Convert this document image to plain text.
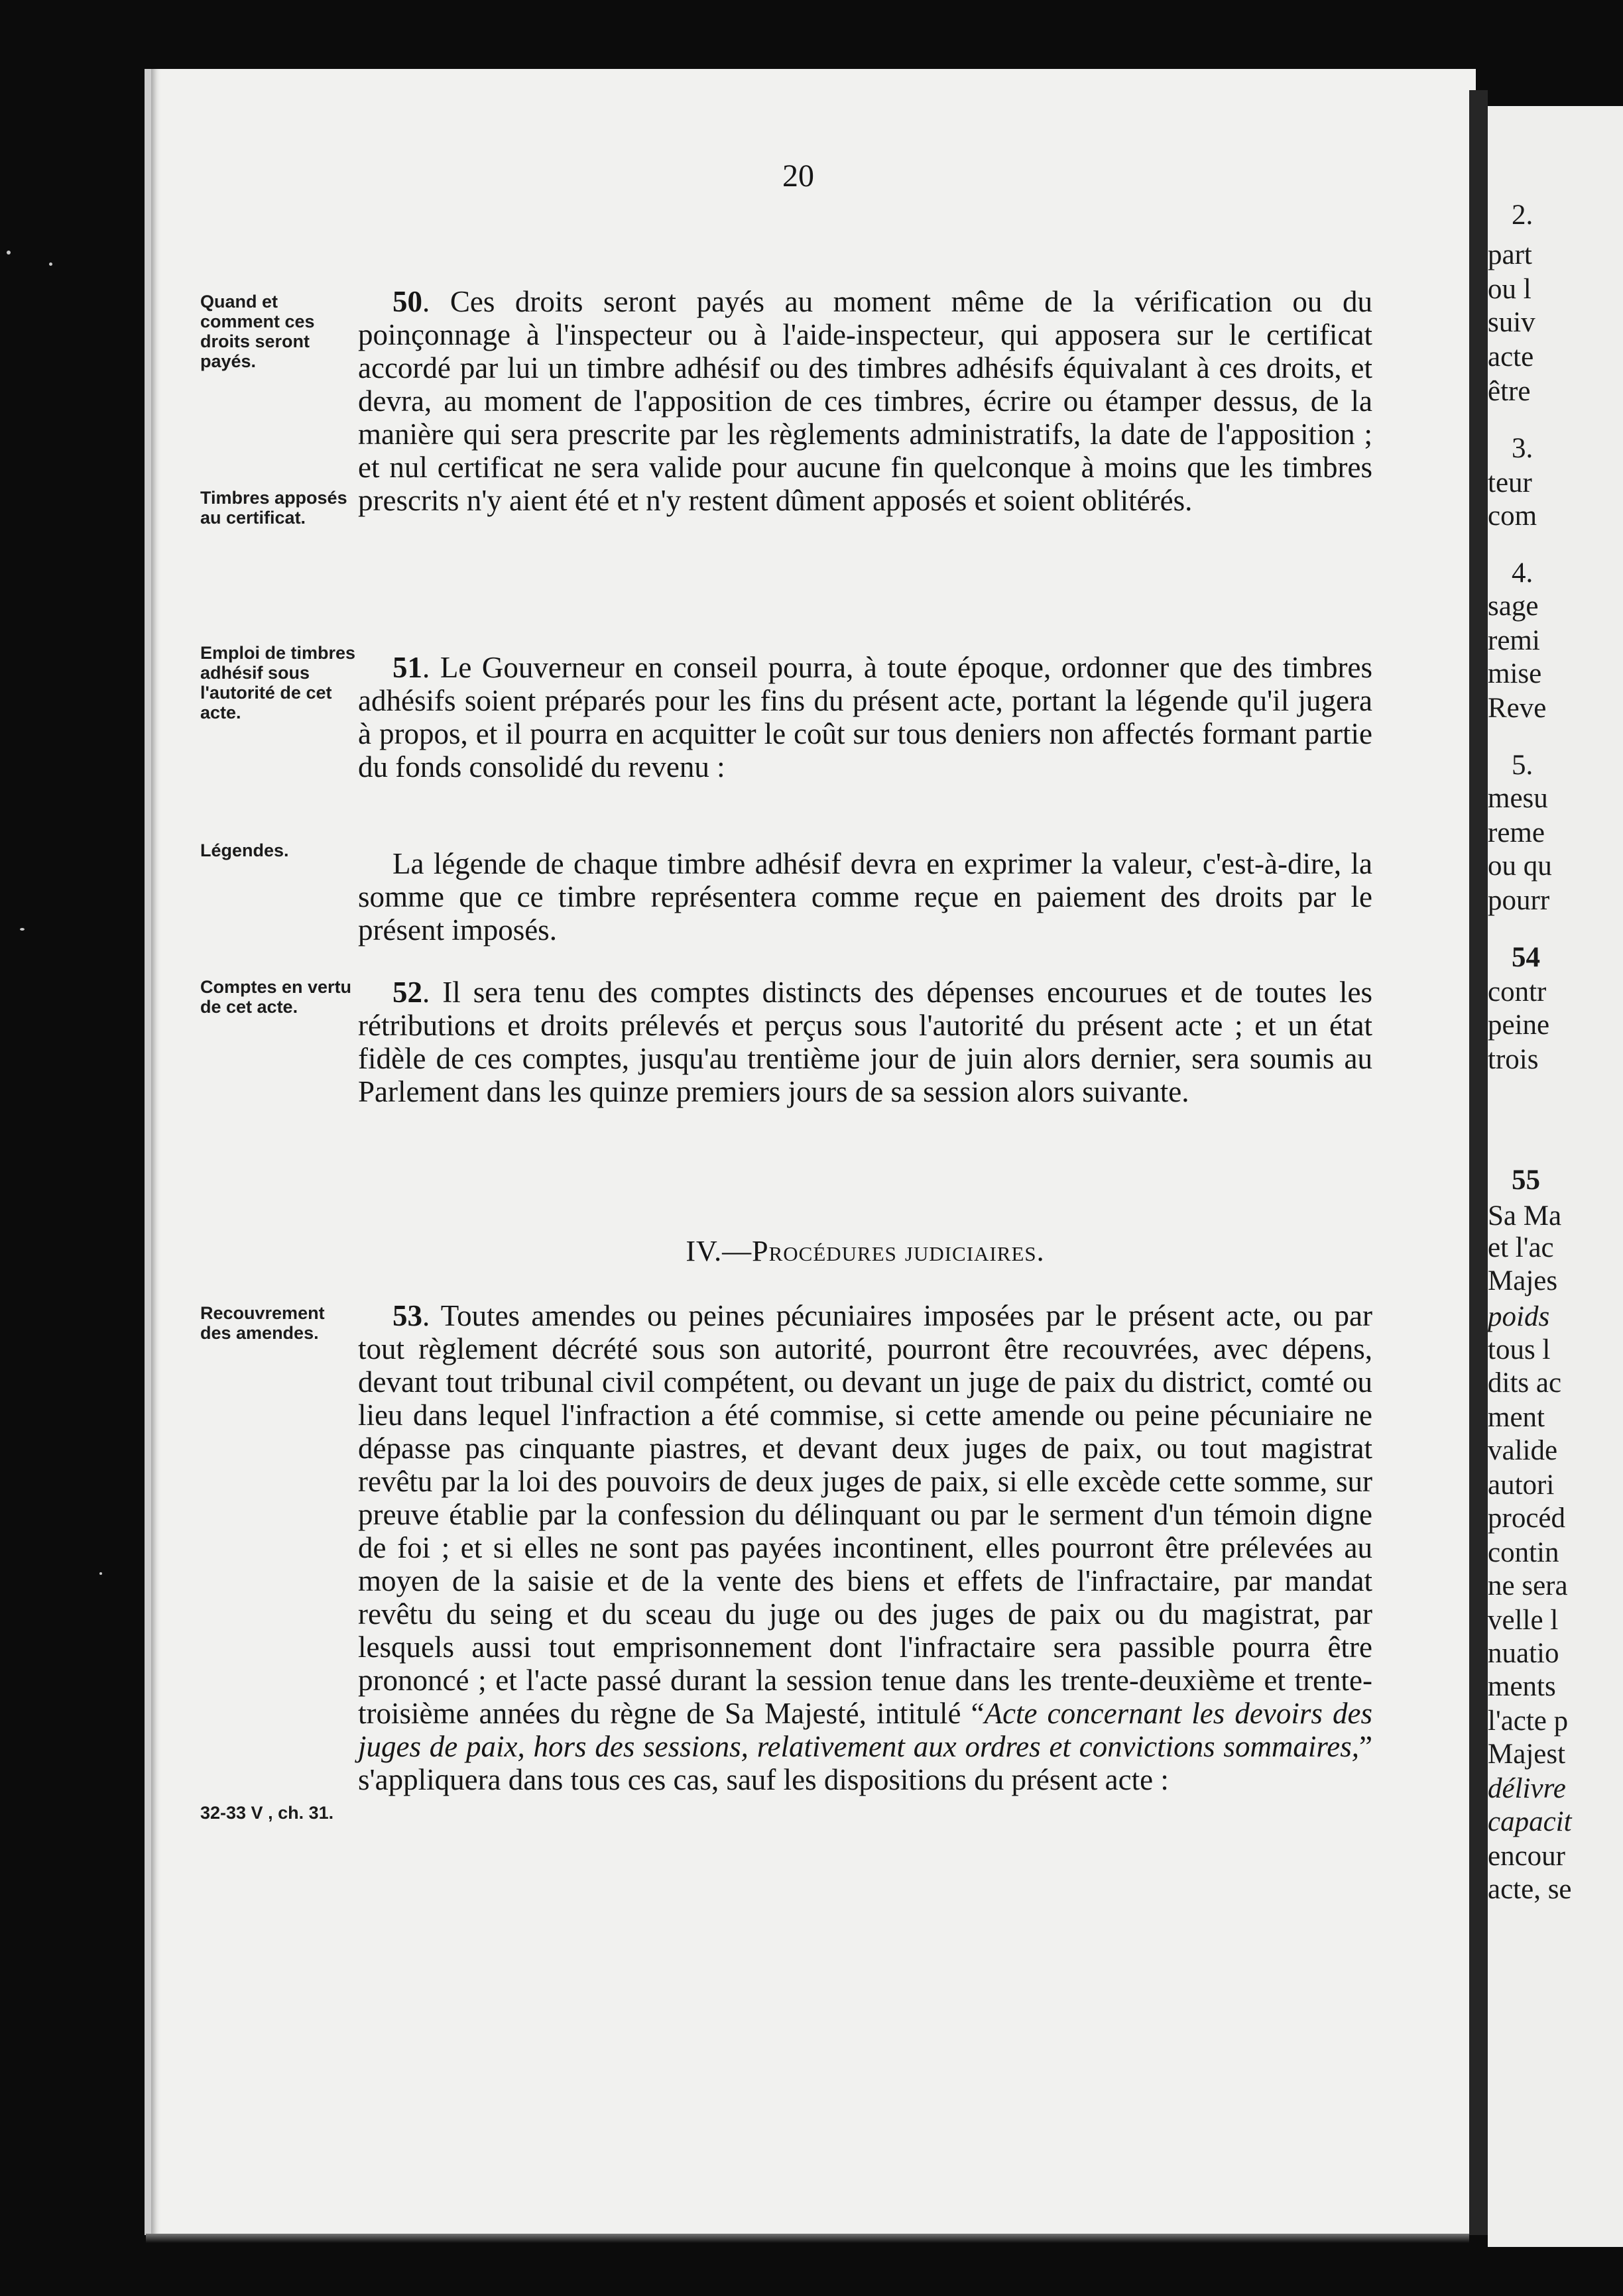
20
Quand et comment ces droits seront payés.
Timbres apposés au certificat.
Emploi de timbres adhésif sous l'autorité de cet acte.
Légendes.
Comptes en vertu de cet acte.
Recouvrement des amendes.
32-33 V , ch. 31.
50. Ces droits seront payés au moment même de la vérification ou du poinçonnage à l'inspecteur ou à l'aide-inspecteur, qui apposera sur le certificat accordé par lui un timbre adhésif ou des timbres adhésifs équivalant à ces droits, et devra, au moment de l'apposition de ces timbres, écrire ou étamper dessus, de la manière qui sera prescrite par les règlements administratifs, la date de l'apposition ; et nul certificat ne sera valide pour aucune fin quelconque à moins que les timbres prescrits n'y aient été et n'y restent dûment apposés et soient oblitérés.
51. Le Gouverneur en conseil pourra, à toute époque, ordonner que des timbres adhésifs soient préparés pour les fins du présent acte, portant la légende qu'il jugera à propos, et il pourra en acquitter le coût sur tous deniers non affectés formant partie du fonds consolidé du revenu :
La légende de chaque timbre adhésif devra en exprimer la valeur, c'est-à-dire, la somme que ce timbre représentera comme reçue en paiement des droits par le présent imposés.
52. Il sera tenu des comptes distincts des dépenses encourues et de toutes les rétributions et droits prélevés et perçus sous l'autorité du présent acte ; et un état fidèle de ces comptes, jusqu'au trentième jour de juin alors dernier, sera soumis au Parlement dans les quinze premiers jours de sa session alors suivante.
IV.—Procédures judiciaires.
53. Toutes amendes ou peines pécuniaires imposées par le présent acte, ou par tout règlement décrété sous son autorité, pourront être recouvrées, avec dépens, devant tout tribunal civil compétent, ou devant un juge de paix du district, comté ou lieu dans lequel l'infraction a été commise, si cette amende ou peine pécuniaire ne dépasse pas cinquante piastres, et devant deux juges de paix, ou tout magistrat revêtu par la loi des pouvoirs de deux juges de paix, si elle excède cette somme, sur preuve établie par la confession du délinquant ou par le serment d'un témoin digne de foi ; et si elles ne sont pas payées incontinent, elles pourront être prélevées au moyen de la saisie et de la vente des biens et effets de l'infractaire, par mandat revêtu du seing et du sceau du juge ou des juges de paix ou du magistrat, par lesquels aussi tout emprisonnement dont l'infractaire sera passible pourra être prononcé ; et l'acte passé durant la session tenue dans les trente-deuxième et trente-troisième années du règne de Sa Majesté, intitulé “Acte concernant les devoirs des juges de paix, hors des sessions, relativement aux ordres et convictions sommaires,” s'appliquera dans tous ces cas, sauf les dispositions du présent acte :
2.
part
ou l
suiv
acte
être
3.
teur
com
4.
sage
remi
mise
Reve
5.
mesu
reme
ou qu
pourr
54
contr
peine
trois
55
Sa Ma
et l'ac
Majes
poids
tous l
dits ac
ment
valide
autori
procéd
contin
ne sera
velle l
nuatio
ments
l'acte p
Majest
délivre
capacit
encour
acte, se
